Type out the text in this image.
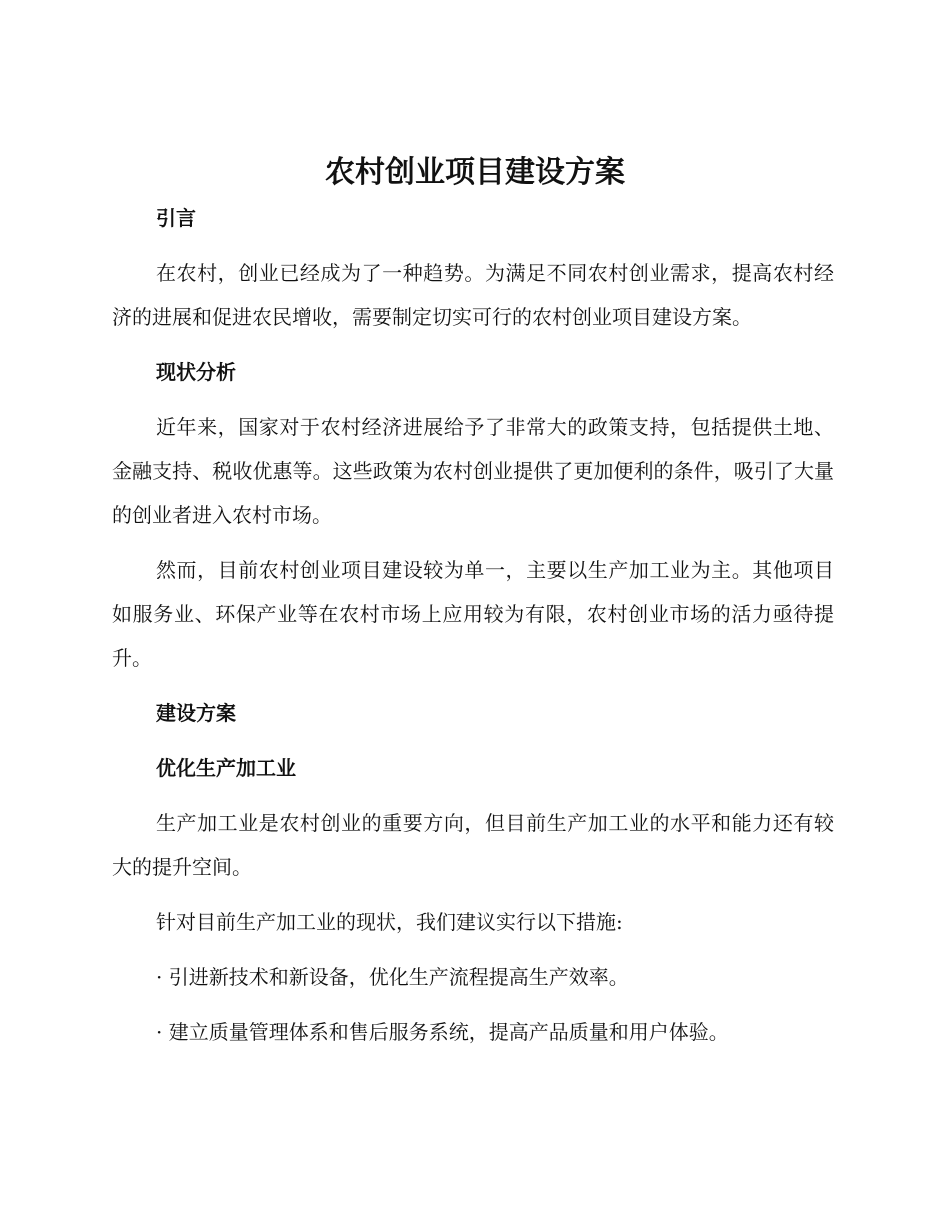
农村创业项目建设方案

引言

在农村，创业已经成为了一种趋势。为满足不同农村创业需求，提高农村经济的进展和促进农民增收，需要制定切实可行的农村创业项目建设方案。

现状分析

近年来，国家对于农村经济进展给予了非常大的政策支持，包括提供土地、金融支持、税收优惠等。这些政策为农村创业提供了更加便利的条件，吸引了大量的创业者进入农村市场。

然而，目前农村创业项目建设较为单一，主要以生产加工业为主。其他项目如服务业、环保产业等在农村市场上应用较为有限，农村创业市场的活力亟待提升。

建设方案

优化生产加工业

生产加工业是农村创业的重要方向，但目前生产加工业的水平和能力还有较大的提升空间。

针对目前生产加工业的现状，我们建议实行以下措施:

· 引进新技术和新设备，优化生产流程提高生产效率。

· 建立质量管理体系和售后服务系统，提高产品质量和用户体验。
